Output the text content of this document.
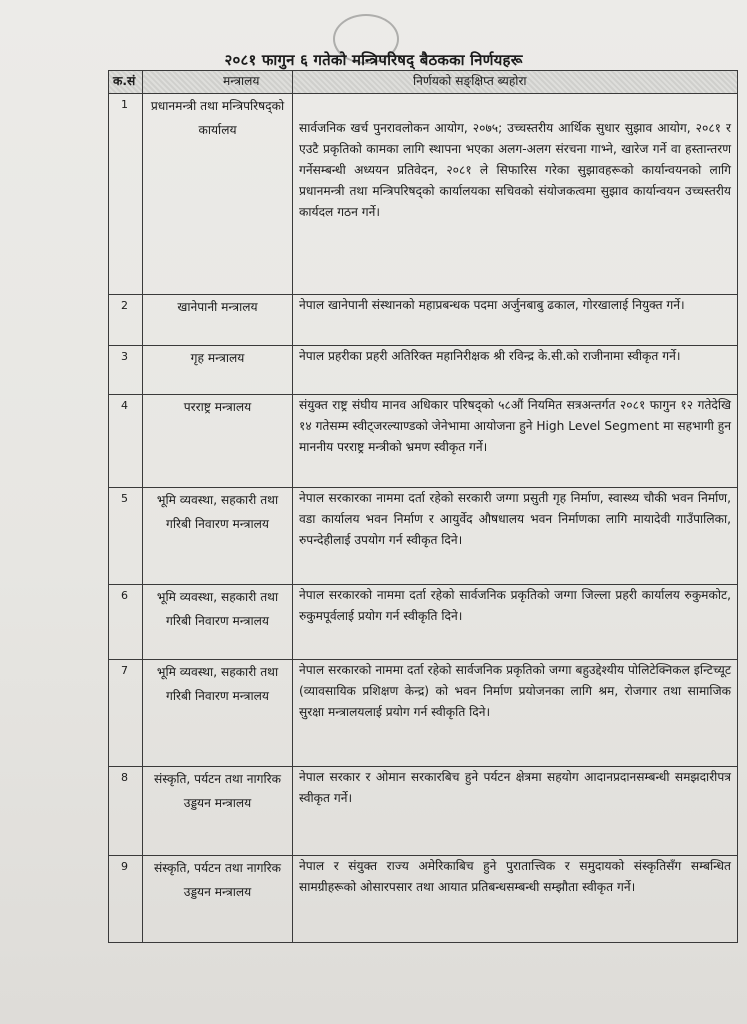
२०८१ फागुन ६ गतेको मन्त्रिपरिषद् बैठकका निर्णयहरू
क.सं	मन्त्रालय	निर्णयको सङ्क्षिप्त ब्यहोरा
1	प्रधानमन्त्री तथा मन्त्रिपरिषद्को कार्यालय	सार्वजनिक खर्च पुनरावलोकन आयोग, २०७५; उच्चस्तरीय आर्थिक सुधार सुझाव आयोग, २०८१ र एउटै प्रकृतिको कामका लागि स्थापना भएका अलग-अलग संरचना गाभ्ने, खारेज गर्ने वा हस्तान्तरण गर्नेसम्बन्धी अध्ययन प्रतिवेदन, २०८१ ले सिफारिस गरेका सुझावहरूको कार्यान्वयनको लागि प्रधानमन्त्री तथा मन्त्रिपरिषद्को कार्यालयका सचिवको संयोजकत्वमा सुझाव कार्यान्वयन उच्चस्तरीय कार्यदल गठन गर्ने।
2	खानेपानी मन्त्रालय	नेपाल खानेपानी संस्थानको महाप्रबन्धक पदमा अर्जुनबाबु ढकाल, गोरखालाई नियुक्त गर्ने।
3	गृह मन्त्रालय	नेपाल प्रहरीका प्रहरी अतिरिक्त महानिरीक्षक श्री रविन्द्र के.सी.को राजीनामा स्वीकृत गर्ने।
4	परराष्ट्र मन्त्रालय	संयुक्त राष्ट्र संघीय मानव अधिकार परिषद्को ५८औं नियमित सत्रअन्तर्गत २०८१ फागुन १२ गतेदेखि १४ गतेसम्म स्वीट्जरल्याण्डको जेनेभामा आयोजना हुने High Level Segment मा सहभागी हुन माननीय परराष्ट्र मन्त्रीको भ्रमण स्वीकृत गर्ने।
5	भूमि व्यवस्था, सहकारी तथा गरिबी निवारण मन्त्रालय	नेपाल सरकारका नाममा दर्ता रहेको सरकारी जग्गा प्रसुती गृह निर्माण, स्वास्थ्य चौकी भवन निर्माण, वडा कार्यालय भवन निर्माण र आयुर्वेद औषधालय भवन निर्माणका लागि मायादेवी गाउँपालिका, रुपन्देहीलाई उपयोग गर्न स्वीकृत दिने।
6	भूमि व्यवस्था, सहकारी तथा गरिबी निवारण मन्त्रालय	नेपाल सरकारको नाममा दर्ता रहेको सार्वजनिक प्रकृतिको जग्गा जिल्ला प्रहरी कार्यालय रुकुमकोट, रुकुमपूर्वलाई प्रयोग गर्न स्वीकृति दिने।
7	भूमि व्यवस्था, सहकारी तथा गरिबी निवारण मन्त्रालय	नेपाल सरकारको नाममा दर्ता रहेको सार्वजनिक प्रकृतिको जग्गा बहुउद्देश्यीय पोलिटेक्निकल इन्टिच्यूट (व्यावसायिक प्रशिक्षण केन्द्र) को भवन निर्माण प्रयोजनका लागि श्रम, रोजगार तथा सामाजिक सुरक्षा मन्त्रालयलाई प्रयोग गर्न स्वीकृति दिने।
8	संस्कृति, पर्यटन तथा नागरिक उड्डयन मन्त्रालय	नेपाल सरकार र ओमान सरकारबिच हुने पर्यटन क्षेत्रमा सहयोग आदानप्रदानसम्बन्धी समझदारीपत्र स्वीकृत गर्ने।
9	संस्कृति, पर्यटन तथा नागरिक उड्डयन मन्त्रालय	नेपाल र संयुक्त राज्य अमेरिकाबिच हुने पुरातात्त्विक र समुदायको संस्कृतिसँग सम्बन्धित सामग्रीहरूको ओसारपसार तथा आयात प्रतिबन्धसम्बन्धी सम्झौता स्वीकृत गर्ने।
